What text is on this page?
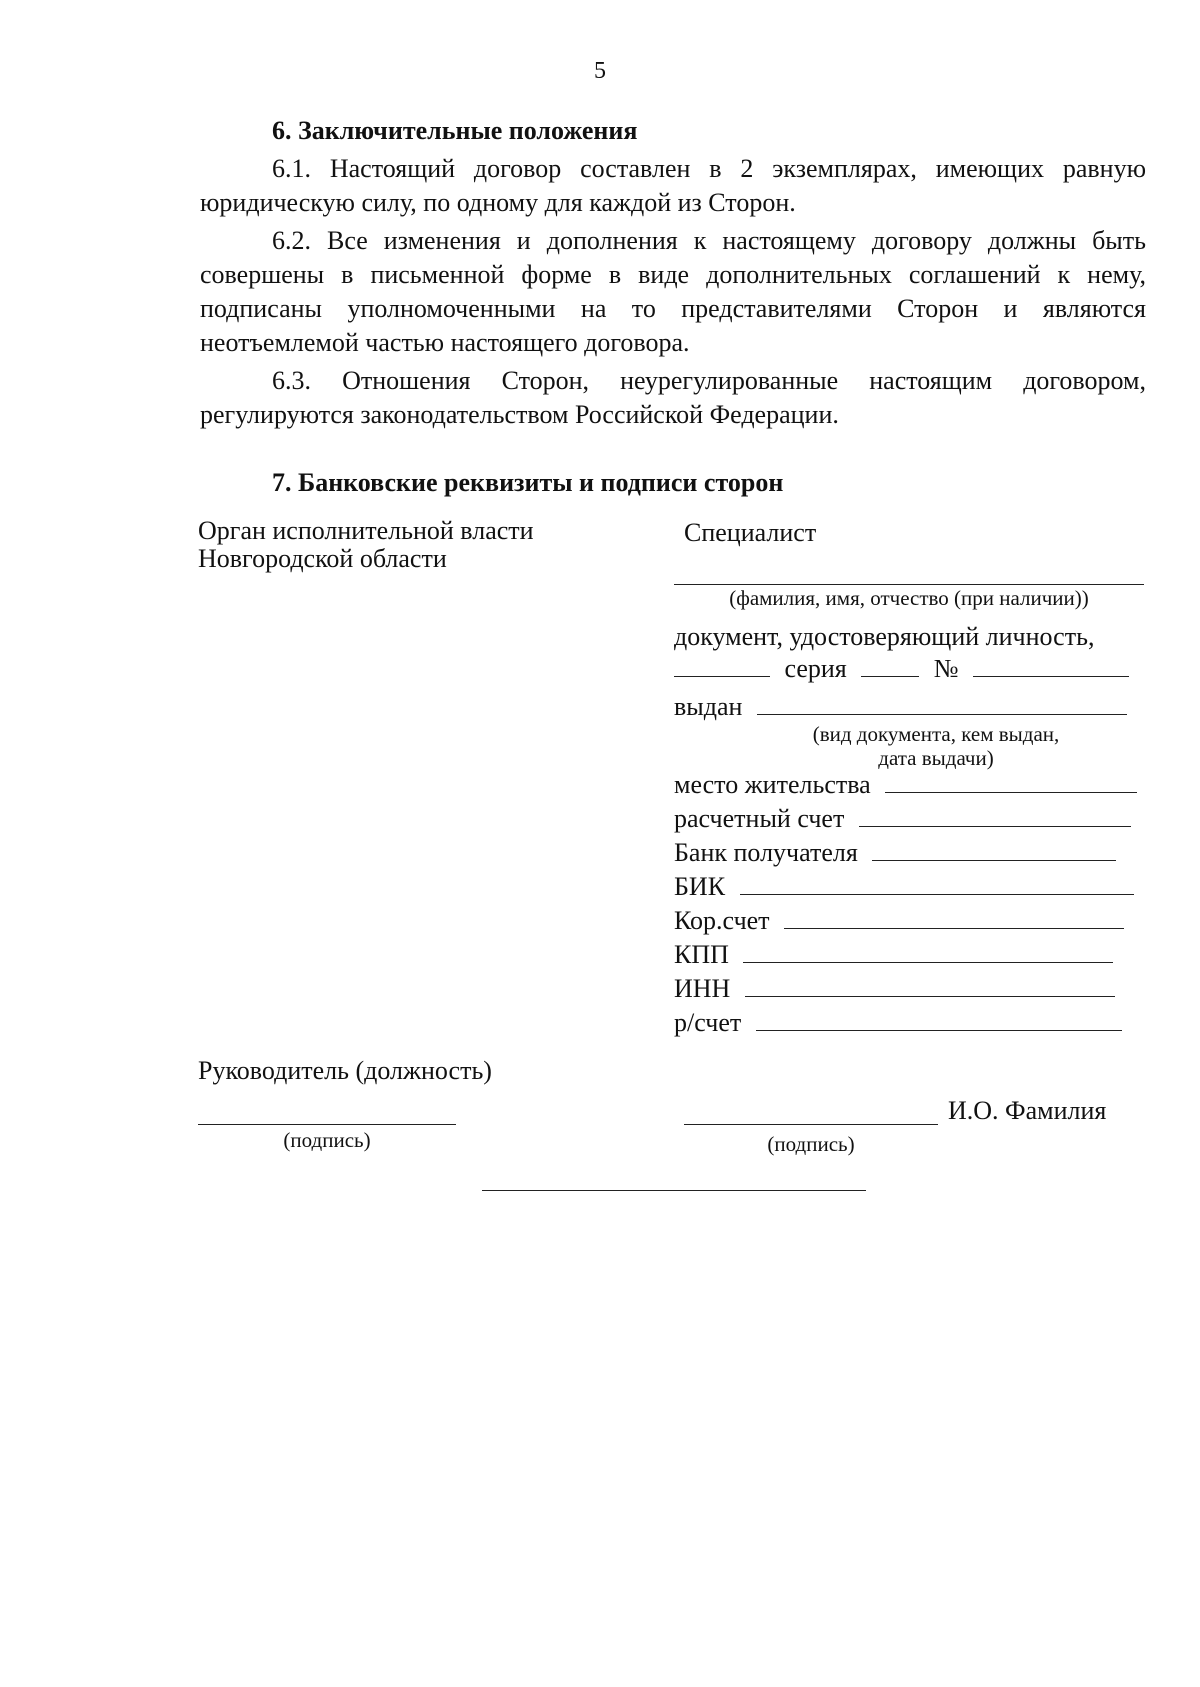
5
6. Заключительные положения
6.1. Настоящий договор составлен в 2 экземплярах, имеющих равную
юридическую силу, по одному для каждой из Сторон.
6.2. Все изменения и дополнения к настоящему договору должны быть
совершены в письменной форме в виде дополнительных соглашений к нему,
подписаны уполномоченными на то представителями Сторон и являются
неотъемлемой частью настоящего договора.
6.3. Отношения Сторон, неурегулированные настоящим договором,
регулируются законодательством Российской Федерации.
7. Банковские реквизиты и подписи сторон
Орган исполнительной власти
Новгородской области
Специалист
(фамилия, имя, отчество (при наличии))
документ, удостоверяющий личность,
серия	№
выдан
(вид документа, кем выдан,
дата выдачи)
место жительства
расчетный счет
Банк получателя
БИК
Кор.счет
КПП
ИНН
р/счет
Руководитель (должность)
(подпись)
И.О. Фамилия
(подпись)
